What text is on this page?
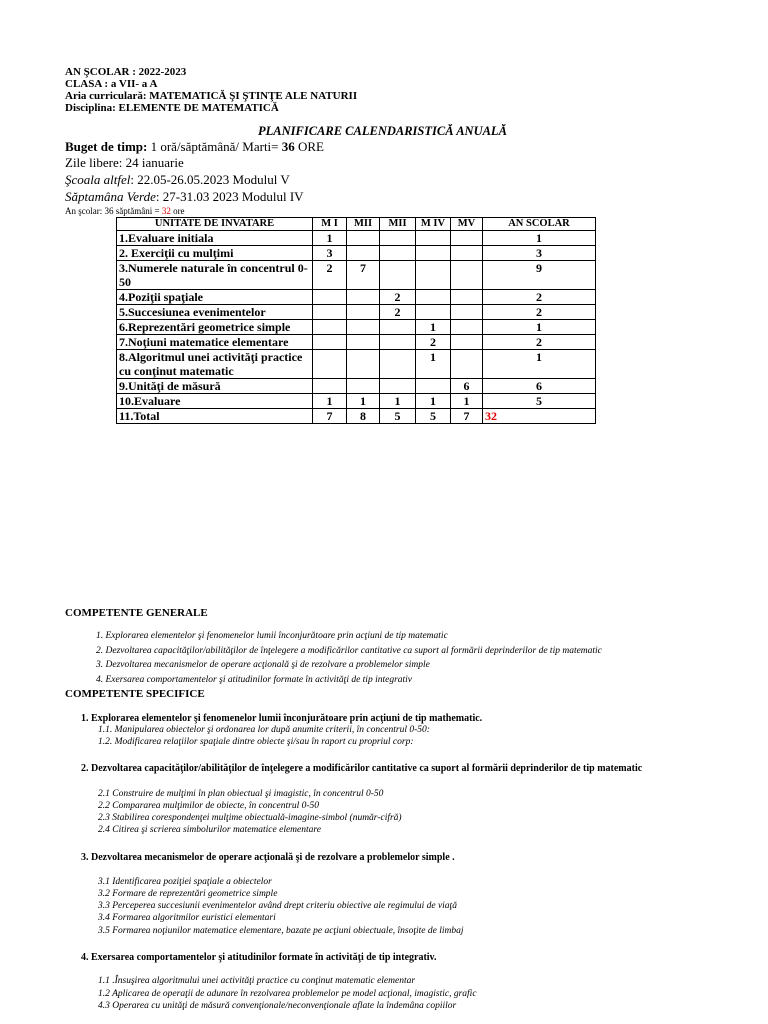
AN ŞCOLAR : 2022-2023
CLASA : a VII- a A
Aria curriculară: MATEMATICĂ ŞI ŞTINŢE ALE NATURII
Disciplina: ELEMENTE DE MATEMATICĂ
PLANIFICARE CALENDARISTICĂ ANUALĂ
Buget de timp: 1 oră/săptămână/ Marti= 36 ORE
Zile libere: 24 ianuarie
Şcoala altfel: 22.05-26.05.2023 Modulul V
Săptamâna Verde: 27-31.03 2023 Modulul IV
An şcolar: 36 săptămâni = 32 ore
UNITATE DE INVATARE	M I	MII	MII	M IV	MV	AN SCOLAR
1.Evaluare initiala	1					1
2. Exerciţii cu mulţimi	3					3
3.Numerele naturale în concentrul 0-50	2	7				9
4.Poziţii spaţiale			2			2
5.Succesiunea evenimentelor			2			2
6.Reprezentări geometrice simple				1		1
7.Noţiuni matematice elementare				2		2
8.Algoritmul unei activităţi practice cu conţinut matematic				1		1
9.Unităţi de măsură					6	6
10.Evaluare	1	1	1	1	1	5
11.Total	7	8	5	5	7	32
COMPETENTE GENERALE
1. Explorarea elementelor şi fenomenelor lumii înconjurătoare prin acţiuni de tip matematic
2. Dezvoltarea capacităţilor/abilităţilor de înţelegere a modificărilor cantitative ca suport al formării deprinderilor de tip matematic
3. Dezvoltarea mecanismelor de operare acţională şi de rezolvare a problemelor simple
4. Exersarea comportamentelor şi atitudinilor formate în activităţi de tip integrativ
COMPETENTE SPECIFICE
1. Explorarea elementelor şi fenomenelor lumii înconjurătoare prin acţiuni de tip mathematic.
1.1. Manipularea obiectelor şi ordonarea lor după anumite criterii, în concentrul 0-50:
1.2. Modificarea relaţiilor spaţiale dintre obiecte şi/sau în raport cu propriul corp:
2. Dezvoltarea capacităţilor/abilităţilor de înţelegere a modificărilor cantitative ca suport al formării deprinderilor de tip matematic
2.1 Construire de mulţimi în plan obiectual şi imagistic, în concentrul 0-50
2.2 Compararea mulţimilor de obiecte, în concentrul 0-50
2.3 Stabilirea corespondenţei mulţime obiectuală-imagine-simbol (număr-cifră)
2.4 Citirea şi scrierea simbolurilor matematice elementare
3. Dezvoltarea mecanismelor de operare acţională şi de rezolvare a problemelor simple .
3.1 Identificarea poziţiei spaţiale a obiectelor
3.2 Formare de reprezentări geometrice simple
3.3 Perceperea succesiunii evenimentelor având drept criteriu obiective ale regimului de viaţă
3.4 Formarea algoritmilor euristici elementari
3.5 Formarea noţiunilor matematice elementare, bazate pe acţiuni obiectuale, însoţite de limbaj
4. Exersarea comportamentelor şi atitudinilor formate în activităţi de tip integrativ.
1.1 .Însuşirea algoritmului unei activităţi practice cu conţinut matematic elementar
1.2 Aplicarea de operaţii de adunare în rezolvarea problemelor pe model acţional, imagistic, grafic
4.3 Operarea cu unităţi de măsură convenţionale/neconvenţionale aflate la îndemâna copiilor
